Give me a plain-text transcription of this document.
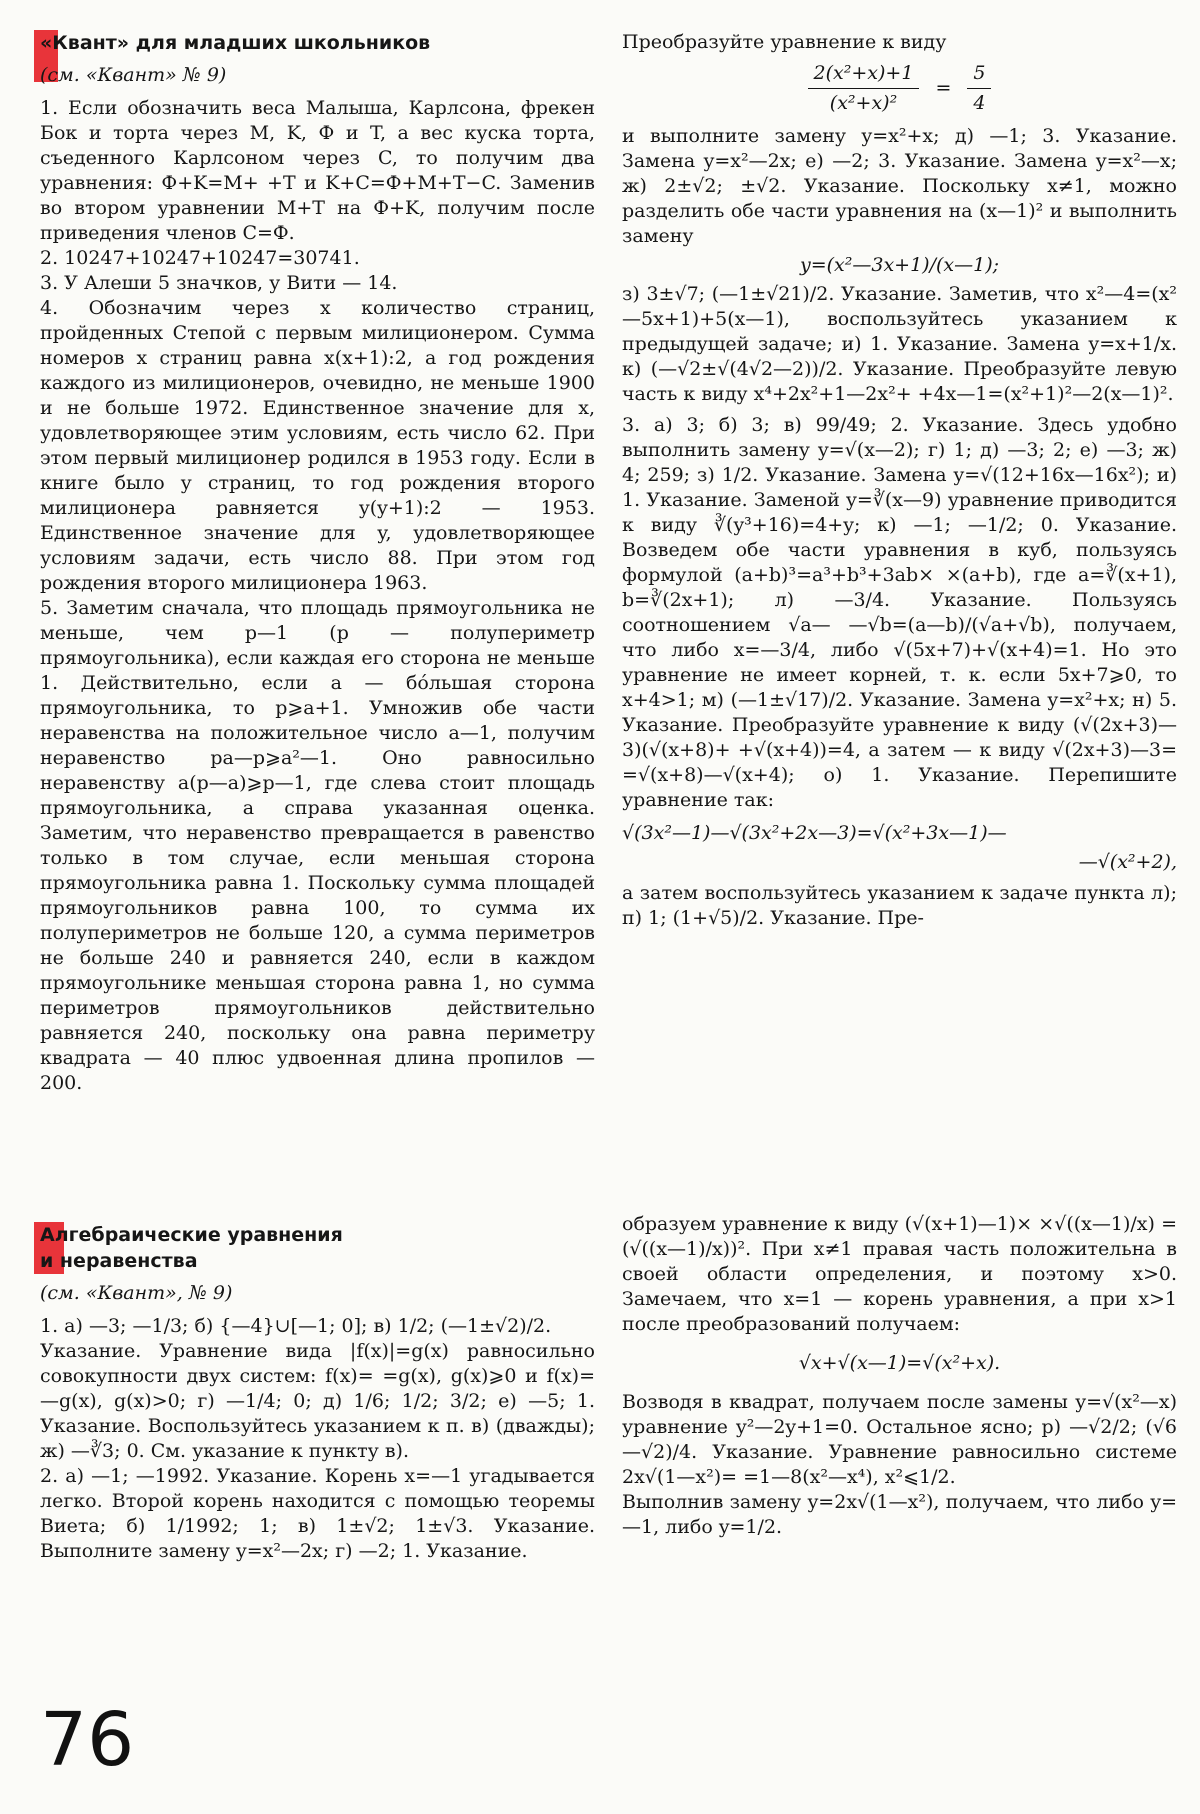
«Квант» для младших школьников

(см. «Квант» № 9)

1. Если обозначить веса Малыша, Карлсона, фрекен Бок и торта через M, K, Ф и T, а вес куска торта, съеденного Карлсоном через C, то получим два уравнения: Ф+K=M+ +T и K+C=Ф+M+T−C. Заменив во втором уравнении M+T на Ф+K, получим после приведения членов C=Ф.

2. 10247+10247+10247=30741.

3. У Алеши 5 значков, у Вити — 14.

4. Обозначим через x количество страниц, пройденных Степой с первым милиционером. Сумма номеров x страниц равна x(x+1):2, а год рождения каждого из милиционеров, очевидно, не меньше 1900 и не больше 1972. Единственное значение для x, удовлетворяющее этим условиям, есть число 62. При этом первый милиционер родился в 1953 году. Если в книге было y страниц, то год рождения второго милиционера равняется y(y+1):2 — 1953. Единственное значение для y, удовлетворяющее условиям задачи, есть число 88. При этом год рождения второго милиционера 1963.

5. Заметим сначала, что площадь прямоугольника не меньше, чем p—1 (p — полупериметр прямоугольника), если каждая его сторона не меньше 1. Действительно, если a — бóльшая сторона прямоугольника, то p⩾a+1. Умножив обе части неравенства на положительное число a—1, получим неравенство pa—p⩾a²—1. Оно равносильно неравенству a(p—a)⩾p—1, где слева стоит площадь прямоугольника, а справа указанная оценка. Заметим, что неравенство превращается в равенство только в том случае, если меньшая сторона прямоугольника равна 1. Поскольку сумма площадей прямоугольников равна 100, то сумма их полупериметров не больше 120, а сумма периметров не больше 240 и равняется 240, если в каждом прямоугольнике меньшая сторона равна 1, но сумма периметров прямоугольников действительно равняется 240, поскольку она равна периметру квадрата — 40 плюс удвоенная длина пропилов — 200.

Алгебраические уравнения

и неравенства

(см. «Квант», № 9)

1. а) —3; —1/3; б) {—4}∪[—1; 0]; в) 1/2; (—1±√2)/2.

Указание. Уравнение вида |f(x)|=g(x) равносильно совокупности двух систем: f(x)= =g(x), g(x)⩾0 и f(x)=—g(x), g(x)>0; г) —1/4; 0; д) 1/6; 1/2; 3/2; е) —5; 1. Указание. Воспользуйтесь указанием к п. в) (дважды); ж) —∛3; 0. См. указание к пункту в).

2. а) —1; —1992. Указание. Корень x=—1 угадывается легко. Второй корень находится с помощью теоремы Виета; б) 1/1992; 1; в) 1±√2; 1±√3. Указание. Выполните замену y=x²—2x; г) —2; 1. Указание.

Преобразуйте уравнение к виду

$\frac{\text{2(x²+x)+1}}{\text{(x²+x)²}} = \frac{5}{4}$

и выполните замену y=x²+x; д) —1; 3. Указание. Замена y=x²—2x; е) —2; 3. Указание. Замена y=x²—x; ж) 2±√2; ±√2. Указание. Поскольку x≠1, можно разделить обе части уравнения на (x—1)² и выполнить замену

y=(x²—3x+1)/(x—1);

з) 3±√7; (—1±√21)/2. Указание. Заметив, что x²—4=(x²—5x+1)+5(x—1), воспользуйтесь указанием к предыдущей задаче; и) 1. Указание. Замена y=x+1/x. к) (—√2±√(4√2—2))/2. Указание. Преобразуйте левую часть к виду x⁴+2x²+1—2x²+ +4x—1=(x²+1)²—2(x—1)².

3. а) 3; б) 3; в) 99/49; 2. Указание. Здесь удобно выполнить замену y=√(x—2); г) 1; д) —3; 2; е) —3; ж) 4; 259; з) 1/2. Указание. Замена y=√(12+16x—16x²); и) 1. Указание. Заменой y=∛(x—9) уравнение приводится к виду ∛(y³+16)=4+y; к) —1; —1/2; 0. Указание. Возведем обе части уравнения в куб, пользуясь формулой (a+b)³=a³+b³+3ab× ×(a+b), где a=∛(x+1), b=∛(2x+1); л) —3/4. Указание. Пользуясь соотношением √a— —√b=(a—b)/(√a+√b), получаем, что либо x=—3/4, либо √(5x+7)+√(x+4)=1. Но это уравнение не имеет корней, т. к. если 5x+7⩾0, то x+4>1; м) (—1±√17)/2. Указание. Замена y=x²+x; н) 5. Указание. Преобразуйте уравнение к виду (√(2x+3)—3)(√(x+8)+ +√(x+4))=4, а затем — к виду √(2x+3)—3= =√(x+8)—√(x+4); о) 1. Указание. Перепишите уравнение так:

√(3x²—1)—√(3x²+2x—3)=√(x²+3x—1)—

—√(x²+2),

а затем воспользуйтесь указанием к задаче пункта л); п) 1; (1+√5)/2. Указание. Пре-

образуем уравнение к виду (√(x+1)—1)× ×√((x—1)/x) =(√((x—1)/x))². При x≠1 правая часть положительна в своей области определения, и поэтому x>0. Замечаем, что x=1 — корень уравнения, а при x>1 после преобразований получаем:

√x+√(x—1)=√(x²+x).

Возводя в квадрат, получаем после замены y=√(x²—x) уравнение y²—2y+1=0. Остальное ясно; р) —√2/2; (√6—√2)/4. Указание. Уравнение равносильно системе 2x√(1—x²)= =1—8(x²—x⁴), x²⩽1/2.

Выполнив замену y=2x√(1—x²), получаем, что либо y=—1, либо y=1/2.

76
